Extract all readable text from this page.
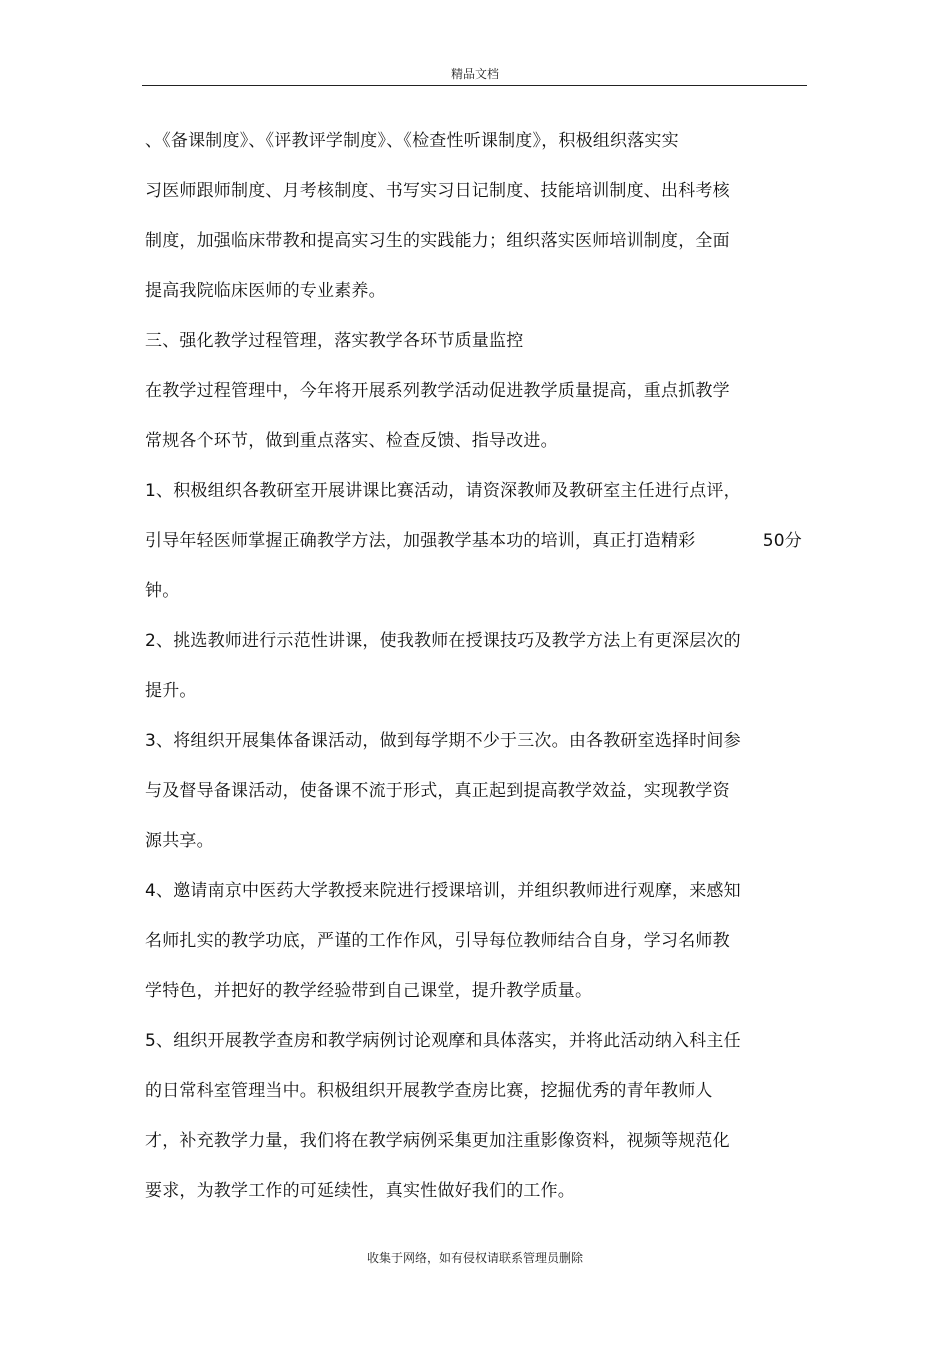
精品文档
、《备课制度》、《评教评学制度》、《检查性听课制度》，积极组织落实实
习医师跟师制度、月考核制度、书写实习日记制度、技能培训制度、出科考核
制度，加强临床带教和提高实习生的实践能力；组织落实医师培训制度，全面
提高我院临床医师的专业素养。
三、强化教学过程管理，落实教学各环节质量监控
在教学过程管理中，今年将开展系列教学活动促进教学质量提高，重点抓教学
常规各个环节，做到重点落实、检查反馈、指导改进。
1、积极组织各教研室开展讲课比赛活动，请资深教师及教研室主任进行点评，
引导年轻医师掌握正确教学方法，加强教学基本功的培训，真正打造精彩	50分
钟。
2、挑选教师进行示范性讲课，使我教师在授课技巧及教学方法上有更深层次的
提升。
3、将组织开展集体备课活动，做到每学期不少于三次。由各教研室选择时间参
与及督导备课活动，使备课不流于形式，真正起到提高教学效益，实现教学资
源共享。
4、邀请南京中医药大学教授来院进行授课培训，并组织教师进行观摩，来感知
名师扎实的教学功底，严谨的工作作风，引导每位教师结合自身，学习名师教
学特色，并把好的教学经验带到自己课堂，提升教学质量。
5、组织开展教学查房和教学病例讨论观摩和具体落实，并将此活动纳入科主任
的日常科室管理当中。积极组织开展教学查房比赛，挖掘优秀的青年教师人
才，补充教学力量，我们将在教学病例采集更加注重影像资料，视频等规范化
要求，为教学工作的可延续性，真实性做好我们的工作。
收集于网络，如有侵权请联系管理员删除
